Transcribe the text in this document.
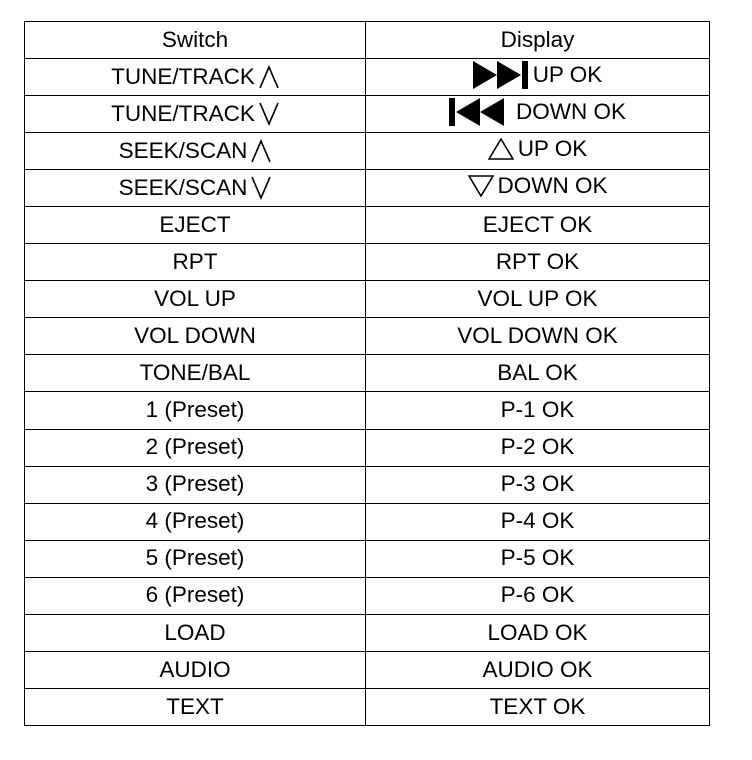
Switch	Display

TUNE/TRACK	UP OK

TUNE/TRACK	DOWN OK

SEEK/SCAN	UP OK

SEEK/SCAN	DOWN OK

EJECT	EJECT OK
RPT	RPT OK
VOL UP	VOL UP OK
VOL DOWN	VOL DOWN OK
TONE/BAL	BAL OK
1 (Preset)	P-1 OK
2 (Preset)	P-2 OK
3 (Preset)	P-3 OK
4 (Preset)	P-4 OK
5 (Preset)	P-5 OK
6 (Preset)	P-6 OK
LOAD	LOAD OK
AUDIO	AUDIO OK
TEXT	TEXT OK
